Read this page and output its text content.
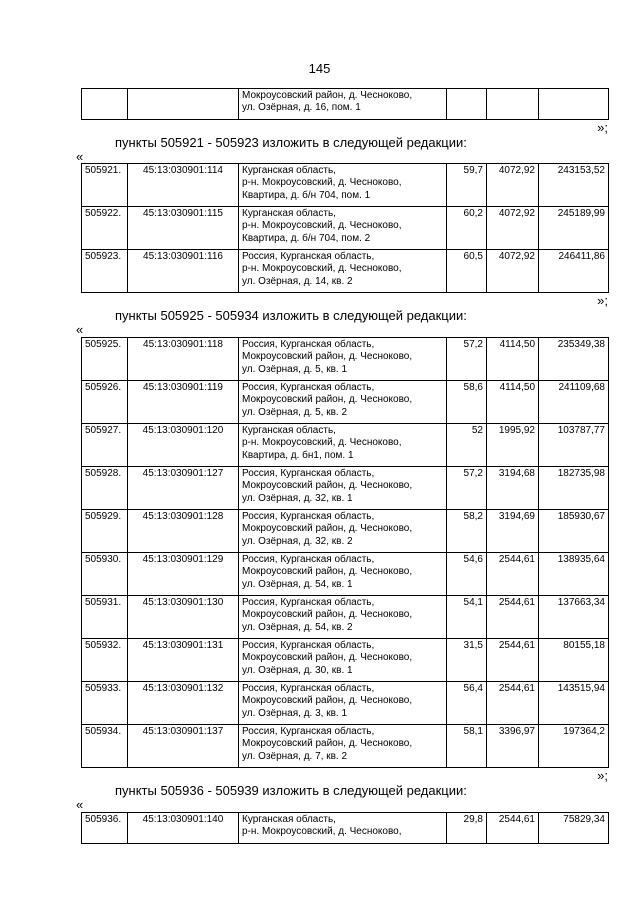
145

Мокроусовский район, д. Чесноково,
ул. Озёрная, д. 16, пом. 1

»;
пункты 505921 - 505923 изложить в следующей редакции:
«
505921.	45:13:030901:114	Курганская область,
р-н. Мокроусовский, д. Чесноково,
Квартира, д. б/н 704, пом. 1	59,7	4072,92	243153,52
505922.	45:13:030901:115	Курганская область,
р-н. Мокроусовский, д. Чесноково,
Квартира, д. б/н 704, пом. 2	60,2	4072,92	245189,99
505923.	45:13:030901:116	Россия, Курганская область,
р-н. Мокроусовский, д. Чесноково,
ул. Озёрная, д. 14, кв. 2	60,5	4072,92	246411,86
»;
пункты 505925 - 505934 изложить в следующей редакции:
«
505925.	45:13:030901:118	Россия, Курганская область,
Мокроусовский район, д. Чесноково,
ул. Озёрная, д. 5, кв. 1	57,2	4114,50	235349,38
505926.	45:13:030901:119	Россия, Курганская область,
Мокроусовский район, д. Чесноково,
ул. Озёрная, д. 5, кв. 2	58,6	4114,50	241109,68
505927.	45:13:030901:120	Курганская область,
р-н. Мокроусовский, д. Чесноково,
Квартира, д. бн1, пом. 1	52	1995,92	103787,77
505928.	45:13:030901:127	Россия, Курганская область,
Мокроусовский район, д. Чесноково,
ул. Озёрная, д. 32, кв. 1	57,2	3194,68	182735,98
505929.	45:13:030901:128	Россия, Курганская область,
Мокроусовский район, д. Чесноково,
ул. Озёрная, д. 32, кв. 2	58,2	3194,69	185930,67
505930.	45:13:030901:129	Россия, Курганская область,
Мокроусовский район, д. Чесноково,
ул. Озёрная, д. 54, кв. 1	54,6	2544,61	138935,64
505931.	45:13:030901:130	Россия, Курганская область,
Мокроусовский район, д. Чесноково,
ул. Озёрная, д. 54, кв. 2	54,1	2544,61	137663,34
505932.	45:13:030901:131	Россия, Курганская область,
Мокроусовский район, д. Чесноково,
ул. Озёрная, д. 30, кв. 1	31,5	2544,61	80155,18
505933.	45:13:030901:132	Россия, Курганская область,
Мокроусовский район, д. Чесноково,
ул. Озёрная, д. 3, кв. 1	56,4	2544,61	143515,94
505934.	45:13:030901:137	Россия, Курганская область,
Мокроусовский район, д. Чесноково,
ул. Озёрная, д. 7, кв. 2	58,1	3396,97	197364,2
»;
пункты 505936 - 505939 изложить в следующей редакции:
«
505936.	45:13:030901:140	Курганская область,
р-н. Мокроусовский, д. Чесноково,
	29,8	2544,61	75829,34
